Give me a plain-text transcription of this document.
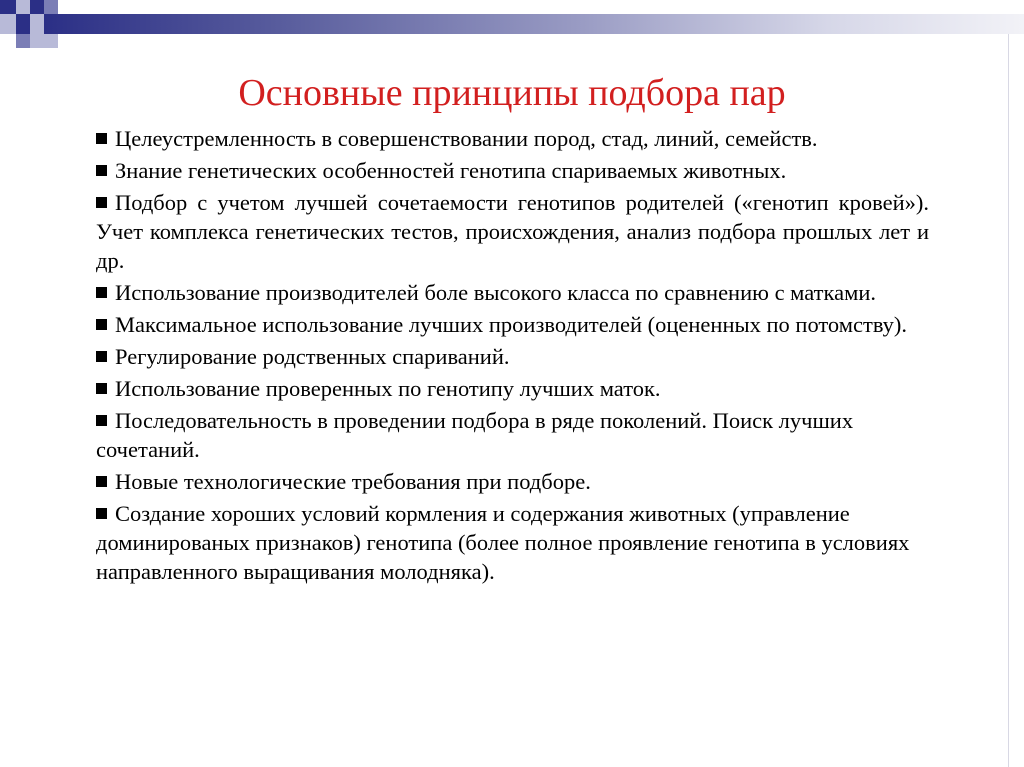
Основные принципы подбора пар
Целеустремленность в совершенствовании пород, стад, линий, семейств.
Знание генетических особенностей генотипа спариваемых животных.
Подбор с учетом лучшей сочетаемости генотипов родителей («генотип кровей»). Учет комплекса генетических тестов, происхождения, анализ подбора прошлых лет и др.
Использование производителей боле высокого класса по сравнению с матками.
Максимальное использование лучших производителей (оцененных по потомству).
Регулирование родственных спариваний.
Использование проверенных по генотипу лучших маток.
Последовательность в проведении подбора в ряде поколений. Поиск лучших сочетаний.
Новые технологические требования при подборе.
Создание хороших условий кормления и содержания животных (управление доминированых признаков) генотипа (более полное проявление генотипа в условиях направленного выращивания молодняка).
